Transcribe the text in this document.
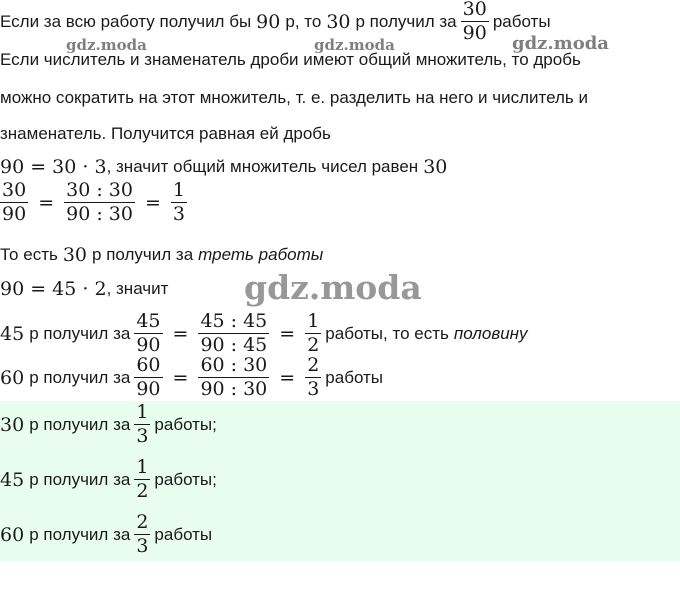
Если за всю работу получил бы 90 р, то 30 р получил за $\frac{30}{90}$ работы
gdz.moda	gdz.moda	gdz.moda
Если числитель и знаменатель дроби имеют общий множитель, то дробь
можно сократить на этот множитель, т. е. разделить на него и числитель и
знаменатель. Получится равная ей дробь
90 = 30 · 3 , значит общий множитель чисел равен 30
$\frac{30}{90} = \frac{30 : 30}{90 : 30} = \frac{1}{3}$
То есть 30 р получил за треть работы
90 = 45 · 2 , значит gdz.moda
45 р получил за $\frac{45}{90} = \frac{45 : 45}{90 : 45} = \frac{1}{2}$ работы, то есть половину
60 р получил за $\frac{60}{90} = \frac{60 : 30}{90 : 30} = \frac{2}{3}$ работы
30 р получил за $\frac{1}{3}$ работы;
45 р получил за $\frac{1}{2}$ работы;
60 р получил за $\frac{2}{3}$ работы
